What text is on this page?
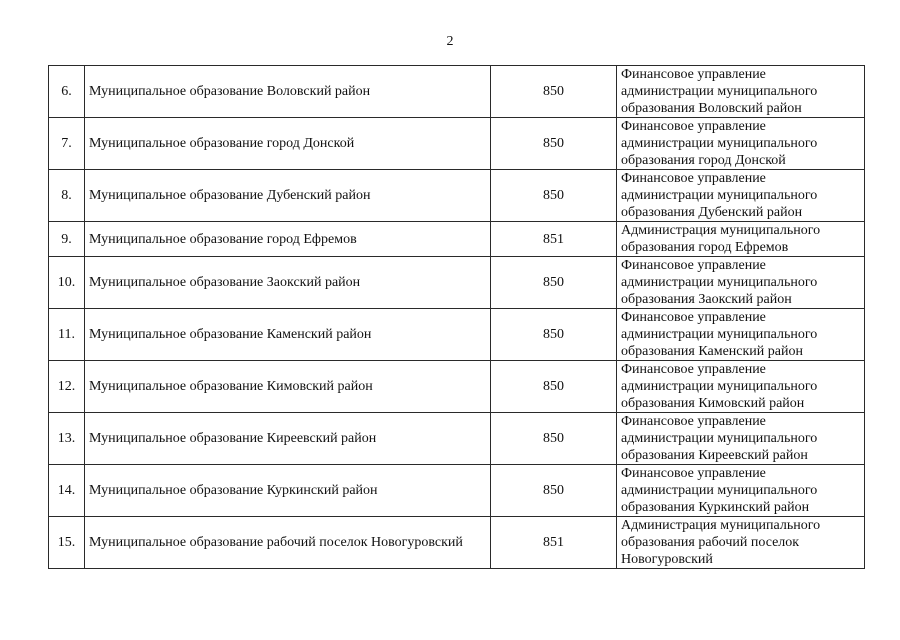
2
6.	Муниципальное образование Воловский район	850	Финансовое управление администрации муниципального образования Воловский район
7.	Муниципальное образование город Донской	850	Финансовое управление администрации муниципального образования город Донской
8.	Муниципальное образование Дубенский район	850	Финансовое управление администрации муниципального образования Дубенский район
9.	Муниципальное образование город Ефремов	851	Администрация муниципального образования город Ефремов
10.	Муниципальное образование Заокский район	850	Финансовое управление администрации муниципального образования Заокский район
11.	Муниципальное образование Каменский район	850	Финансовое управление администрации муниципального образования Каменский район
12.	Муниципальное образование Кимовский район	850	Финансовое управление администрации муниципального образования Кимовский район
13.	Муниципальное образование Киреевский район	850	Финансовое управление администрации муниципального образования Киреевский район
14.	Муниципальное образование Куркинский район	850	Финансовое управление администрации муниципального образования Куркинский район
15.	Муниципальное образование рабочий поселок Новогуровский	851	Администрация муниципального образования рабочий поселок Новогуровский
